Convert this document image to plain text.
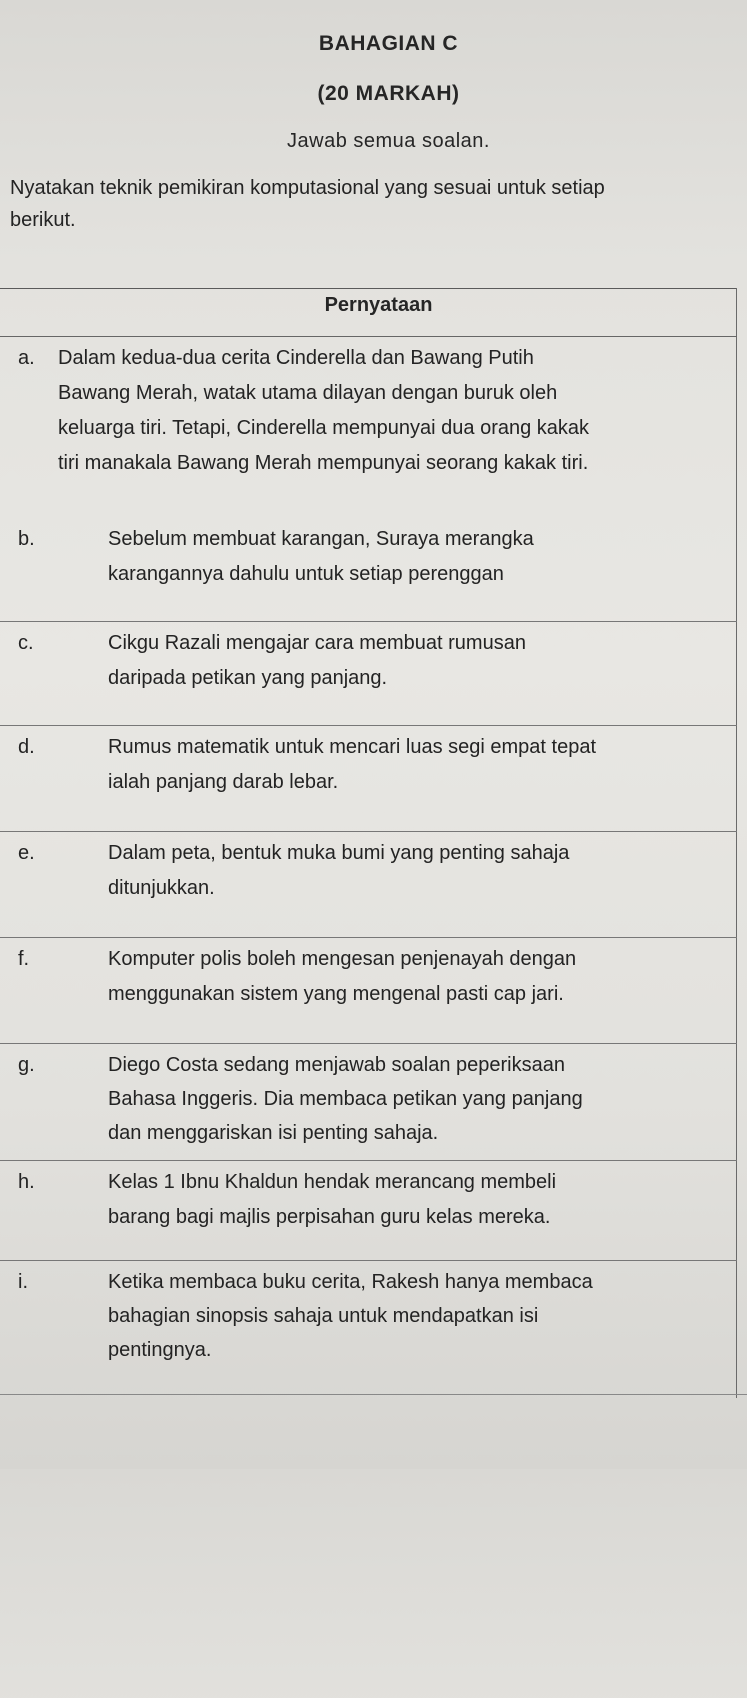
BAHAGIAN C
(20 MARKAH)
Jawab semua soalan.
Nyatakan teknik pemikiran komputasional yang sesuai untuk setiap
berikut.
Pernyataan
a. Dalam kedua-dua cerita Cinderella dan Bawang Putih
Bawang Merah, watak utama dilayan dengan buruk oleh
keluarga tiri. Tetapi, Cinderella mempunyai dua orang kakak
tiri manakala Bawang Merah mempunyai seorang kakak tiri.
b.	Sebelum membuat karangan, Suraya merangka
karangannya dahulu untuk setiap perenggan
c.	Cikgu Razali mengajar cara membuat rumusan
daripada petikan yang panjang.
d.	Rumus matematik untuk mencari luas segi empat tepat
ialah panjang darab lebar.
e.	Dalam peta, bentuk muka bumi yang penting sahaja
ditunjukkan.
f.	Komputer polis boleh mengesan penjenayah dengan
menggunakan sistem yang mengenal pasti cap jari.
g.	Diego Costa sedang menjawab soalan peperiksaan
Bahasa Inggeris. Dia membaca petikan yang panjang
dan menggariskan isi penting sahaja.
h.	Kelas 1 Ibnu Khaldun hendak merancang membeli
barang bagi majlis perpisahan guru kelas mereka.
i.	Ketika membaca buku cerita, Rakesh hanya membaca
bahagian sinopsis sahaja untuk mendapatkan isi
pentingnya.
